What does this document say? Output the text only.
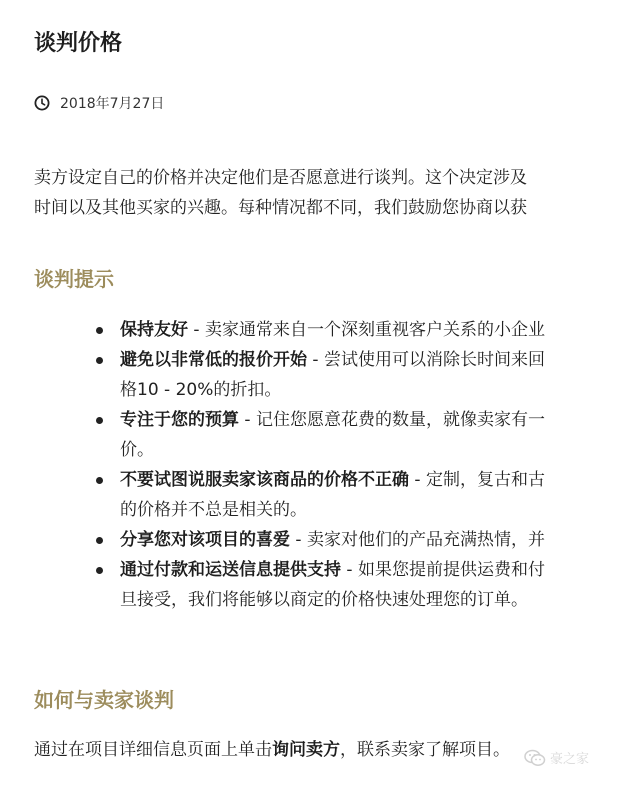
谈判价格
2018年7月27日
卖方设定自己的价格并决定他们是否愿意进行谈判。这个决定涉及
时间以及其他买家的兴趣。每种情况都不同，我们鼓励您协商以获
谈判提示
保持友好 - 卖家通常来自一个深刻重视客户关系的小企业
避免以非常低的报价开始 - 尝试使用可以消除长时间来回
格10 - 20%的折扣。
专注于您的预算 - 记住您愿意花费的数量，就像卖家有一
价。
不要试图说服卖家该商品的价格不正确 - 定制，复古和古
的价格并不总是相关的。
分享您对该项目的喜爱 - 卖家对他们的产品充满热情，并
通过付款和运送信息提供支持 - 如果您提前提供运费和付
旦接受，我们将能够以商定的价格快速处理您的订单。
如何与卖家谈判
通过在项目详细信息页面上单击询问卖方，联系卖家了解项目。	豪之家
